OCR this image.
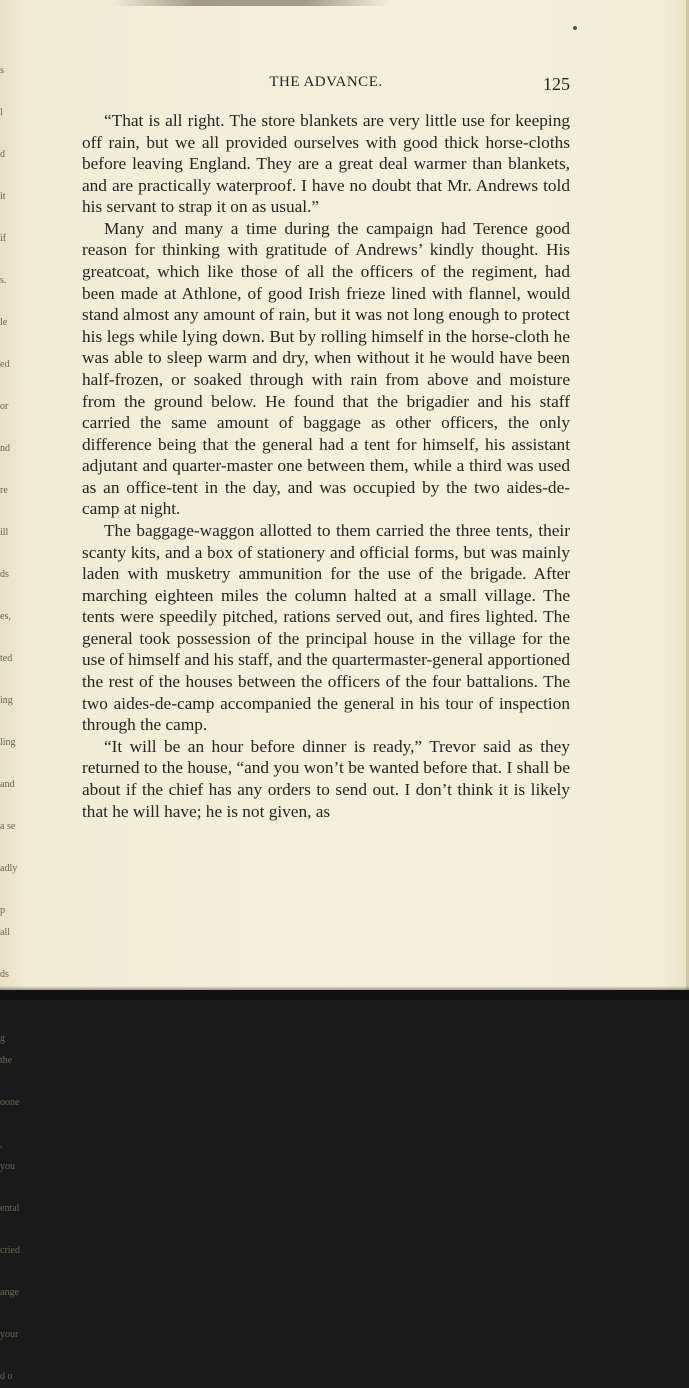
s
l
d
it
if
s.
le
ed
or
nd
re
ill
ds
es,
ted
ing
ling
and
a se
adly
p all
ds
g the
oone
, you
ental
cried
ange
your
d o
THE ADVANCE.	125

“That is all right. The store blankets are very little use for keeping off rain, but we all provided ourselves with good thick horse-cloths before leaving England. They are a great deal warmer than blankets, and are practically waterproof. I have no doubt that Mr. Andrews told his servant to strap it on as usual.”

Many and many a time during the campaign had Terence good reason for thinking with gratitude of Andrews’ kindly thought. His greatcoat, which like those of all the officers of the regiment, had been made at Athlone, of good Irish frieze lined with flannel, would stand almost any amount of rain, but it was not long enough to protect his legs while lying down. But by rolling himself in the horse-cloth he was able to sleep warm and dry, when without it he would have been half-frozen, or soaked through with rain from above and moisture from the ground below. He found that the brigadier and his staff carried the same amount of baggage as other officers, the only difference being that the general had a tent for himself, his assistant adjutant and quarter-master one between them, while a third was used as an office-tent in the day, and was occupied by the two aides-de-camp at night.

The baggage-waggon allotted to them carried the three tents, their scanty kits, and a box of stationery and official forms, but was mainly laden with musketry ammunition for the use of the brigade. After marching eighteen miles the column halted at a small village. The tents were speedily pitched, rations served out, and fires lighted. The general took possession of the principal house in the village for the use of himself and his staff, and the quartermaster-general apportioned the rest of the houses between the officers of the four battalions. The two aides-de-camp accompanied the general in his tour of inspection through the camp.

“It will be an hour before dinner is ready,” Trevor said as they returned to the house, “and you won’t be wanted before that. I shall be about if the chief has any orders to send out. I don’t think it is likely that he will have; he is not given, as
